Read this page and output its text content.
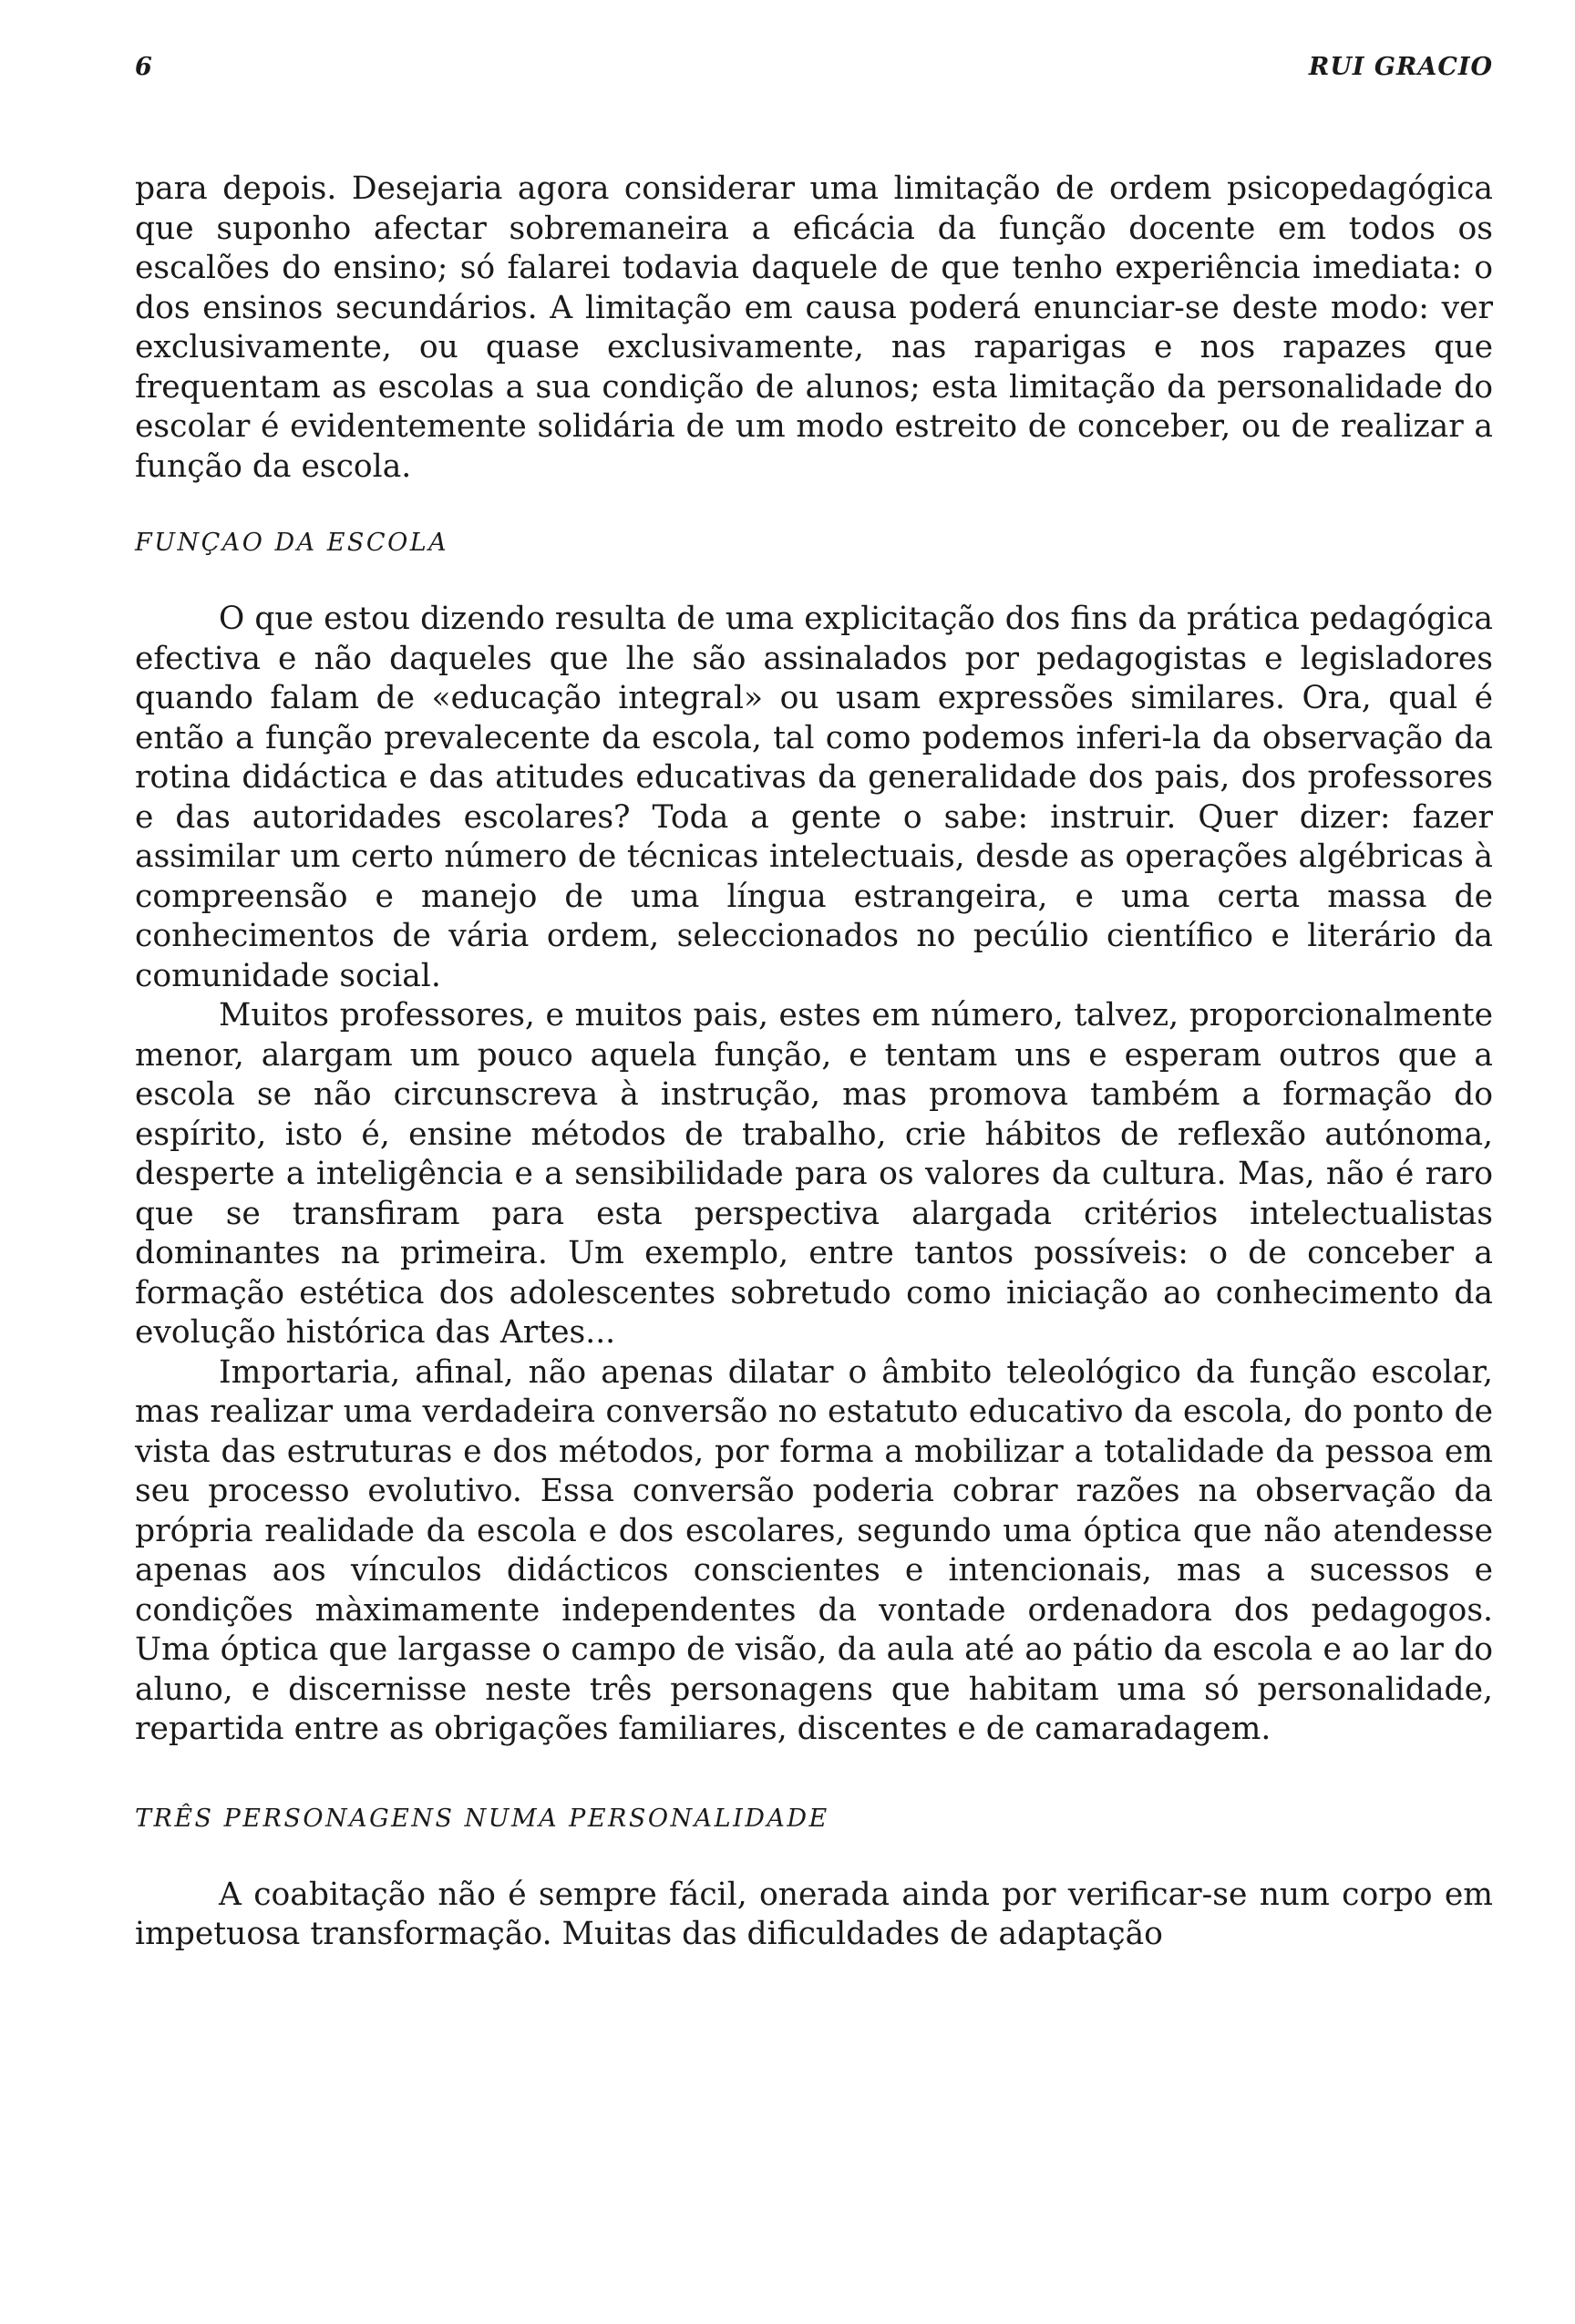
6	RUI GRACIO

para depois. Desejaria agora considerar uma limitação de ordem psicopedagógica que suponho afectar sobremaneira a eficácia da função docente em todos os escalões do ensino; só falarei todavia daquele de que tenho experiência imediata: o dos ensinos secundários. A limitação em causa poderá enunciar-se deste modo: ver exclusivamente, ou quase exclusivamente, nas raparigas e nos rapazes que frequentam as escolas a sua condição de alunos; esta limitação da personalidade do escolar é evidentemente solidária de um modo estreito de conceber, ou de realizar a função da escola.

FUNÇAO DA ESCOLA

O que estou dizendo resulta de uma explicitação dos fins da prática pedagógica efectiva e não daqueles que lhe são assinalados por pedagogistas e legisladores quando falam de «educação integral» ou usam expressões similares. Ora, qual é então a função prevalecente da escola, tal como podemos inferi-la da observação da rotina didáctica e das atitudes educativas da generalidade dos pais, dos professores e das autoridades escolares? Toda a gente o sabe: instruir. Quer dizer: fazer assimilar um certo número de técnicas intelectuais, desde as operações algébricas à compreensão e manejo de uma língua estrangeira, e uma certa massa de conhecimentos de vária ordem, seleccionados no pecúlio científico e literário da comunidade social.

Muitos professores, e muitos pais, estes em número, talvez, proporcionalmente menor, alargam um pouco aquela função, e tentam uns e esperam outros que a escola se não circunscreva à instrução, mas promova também a formação do espírito, isto é, ensine métodos de trabalho, crie hábitos de reflexão autónoma, desperte a inteligência e a sensibilidade para os valores da cultura. Mas, não é raro que se transfiram para esta perspectiva alargada critérios intelectualistas dominantes na primeira. Um exemplo, entre tantos possíveis: o de conceber a formação estética dos adolescentes sobretudo como iniciação ao conhecimento da evolução histórica das Artes...

Importaria, afinal, não apenas dilatar o âmbito teleológico da função escolar, mas realizar uma verdadeira conversão no estatuto educativo da escola, do ponto de vista das estruturas e dos métodos, por forma a mobilizar a totalidade da pessoa em seu processo evolutivo. Essa conversão poderia cobrar razões na observação da própria realidade da escola e dos escolares, segundo uma óptica que não atendesse apenas aos vínculos didácticos conscientes e intencionais, mas a sucessos e condições màximamente independentes da vontade ordenadora dos pedagogos. Uma óptica que largasse o campo de visão, da aula até ao pátio da escola e ao lar do aluno, e discernisse neste três personagens que habitam uma só personalidade, repartida entre as obrigações familiares, discentes e de camaradagem.

TRÊS PERSONAGENS NUMA PERSONALIDADE

A coabitação não é sempre fácil, onerada ainda por verificar-se num corpo em impetuosa transformação. Muitas das dificuldades de adaptação
